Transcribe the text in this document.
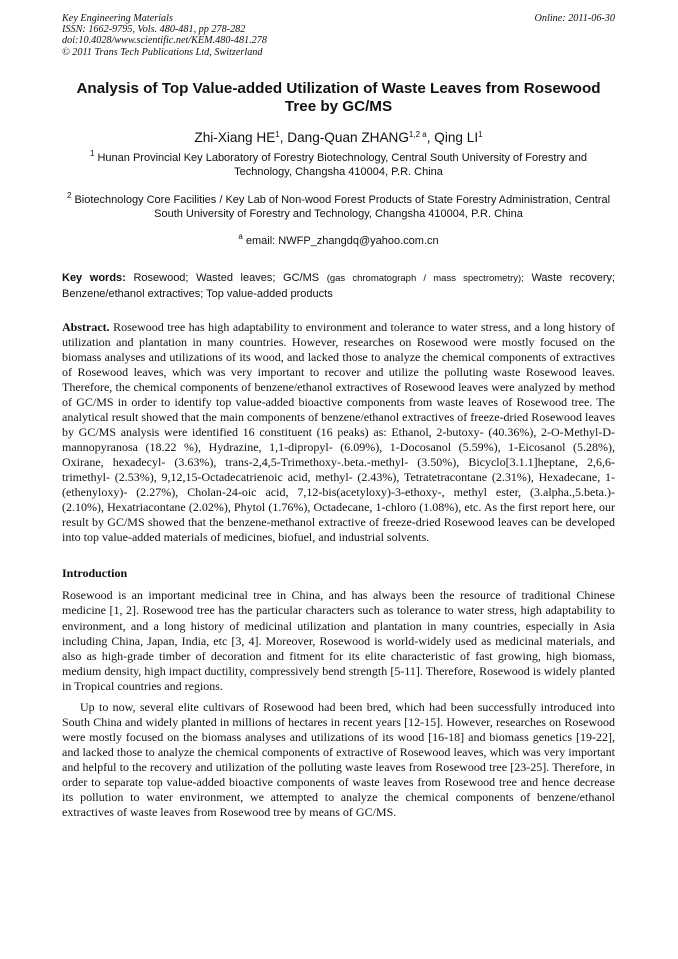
Key Engineering Materials
ISSN: 1662-9795, Vols. 480-481, pp 278-282
doi:10.4028/www.scientific.net/KEM.480-481.278
© 2011 Trans Tech Publications Ltd, Switzerland
Online: 2011-06-30
Analysis of Top Value-added Utilization of Waste Leaves from Rosewood Tree by GC/MS
Zhi-Xiang $HE^1$, Dang-Quan $ZHANG^{1,2 a}$, Qing $LI^1$
$^1$ Hunan Provincial Key Laboratory of Forestry Biotechnology, Central South University of Forestry and Technology, Changsha 410004, P.R. China
$^2$ Biotechnology Core Facilities / Key Lab of Non-wood Forest Products of State Forestry Administration, Central South University of Forestry and Technology, Changsha 410004, P.R. China
$^a$ email: NWFP_zhangdq@yahoo.com.cn
Key words: Rosewood; Wasted leaves; GC/MS (gas chromatograph / mass spectrometry); Waste recovery; Benzene/ethanol extractives; Top value-added products
Abstract. Rosewood tree has high adaptability to environment and tolerance to water stress, and a long history of utilization and plantation in many countries. However, researches on Rosewood were mostly focused on the biomass analyses and utilizations of its wood, and lacked those to analyze the chemical components of extractives of Rosewood leaves, which was very important to recover and utilize the polluting waste Rosewood leaves. Therefore, the chemical components of benzene/ethanol extractives of Rosewood leaves were analyzed by method of GC/MS in order to identify top value-added bioactive components from waste leaves of Rosewood tree. The analytical result showed that the main components of benzene/ethanol extractives of freeze-dried Rosewood leaves by GC/MS analysis were identified 16 constituent (16 peaks) as: Ethanol, 2-butoxy- (40.36%), 2-O-Methyl-D-mannopyranosa (18.22 %), Hydrazine, 1,1-dipropyl- (6.09%), 1-Docosanol (5.59%), 1-Eicosanol (5.28%), Oxirane, hexadecyl- (3.63%), trans-2,4,5-Trimethoxy-.beta.-methyl- (3.50%), Bicyclo[3.1.1]heptane, 2,6,6-trimethyl- (2.53%), 9,12,15-Octadecatrienoic acid, methyl- (2.43%), Tetratetracontane (2.31%), Hexadecane, 1-(ethenyloxy)- (2.27%), Cholan-24-oic acid, 7,12-bis(acetyloxy)-3-ethoxy-, methyl ester, (3.alpha.,5.beta.)- (2.10%), Hexatriacontane (2.02%), Phytol (1.76%), Octadecane, 1-chloro (1.08%), etc. As the first report here, our result by GC/MS showed that the benzene-methanol extractive of freeze-dried Rosewood leaves can be developed into top value-added materials of medicines, biofuel, and industrial solvents.
Introduction
Rosewood is an important medicinal tree in China, and has always been the resource of traditional Chinese medicine [1, 2]. Rosewood tree has the particular characters such as tolerance to water stress, high adaptability to environment, and a long history of medicinal utilization and plantation in many countries, especially in Asia including China, Japan, India, etc [3, 4]. Moreover, Rosewood is world-widely used as medicinal materials, and also as high-grade timber of decoration and fitment for its elite characteristic of fast growing, high biomass, medium density, high impact ductility, compressively bend strength [5-11]. Therefore, Rosewood is widely planted in Tropical countries and regions.
Up to now, several elite cultivars of Rosewood had been bred, which had been successfully introduced into South China and widely planted in millions of hectares in recent years [12-15]. However, researches on Rosewood were mostly focused on the biomass analyses and utilizations of its wood [16-18] and biomass genetics [19-22], and lacked those to analyze the chemical components of extractive of Rosewood leaves, which was very important and helpful to the recovery and utilization of the polluting waste leaves from Rosewood tree [23-25]. Therefore, in order to separate top value-added bioactive components of waste leaves from Rosewood tree and hence decrease its pollution to water environment, we attempted to analyze the chemical components of benzene/ethanol extractives of waste leaves from Rosewood tree by means of GC/MS.
